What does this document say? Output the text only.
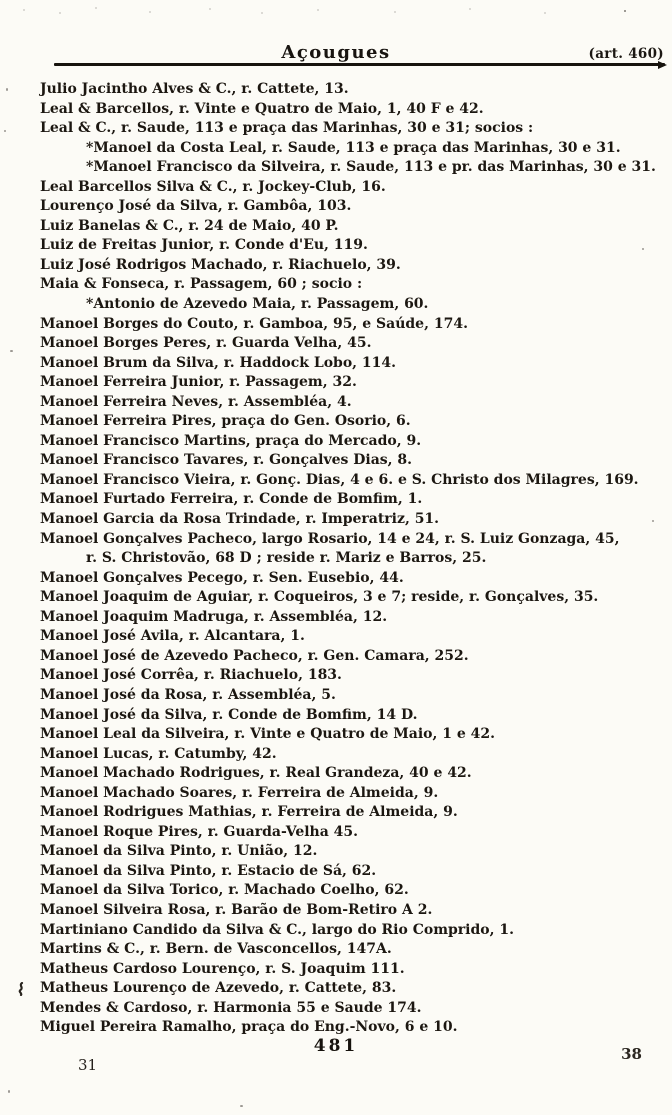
Açougues	(art. 460)
Julio Jacintho Alves & C., r. Cattete, 13.
Leal & Barcellos, r. Vinte e Quatro de Maio, 1, 40 F e 42.
Leal & C., r. Saude, 113 e praça das Marinhas, 30 e 31; socios :
*Manoel da Costa Leal, r. Saude, 113 e praça das Marinhas, 30 e 31.
*Manoel Francisco da Silveira, r. Saude, 113 e pr. das Marinhas, 30 e 31.
Leal Barcellos Silva & C., r. Jockey-Club, 16.
Lourenço José da Silva, r. Gambôa, 103.
Luiz Banelas & C., r. 24 de Maio, 40 P.
Luiz de Freitas Junior, r. Conde d'Eu, 119.
Luiz José Rodrigos Machado, r. Riachuelo, 39.
Maia & Fonseca, r. Passagem, 60 ; socio :
*Antonio de Azevedo Maia, r. Passagem, 60.
Manoel Borges do Couto, r. Gamboa, 95, e Saúde, 174.
Manoel Borges Peres, r. Guarda Velha, 45.
Manoel Brum da Silva, r. Haddock Lobo, 114.
Manoel Ferreira Junior, r. Passagem, 32.
Manoel Ferreira Neves, r. Assembléa, 4.
Manoel Ferreira Pires, praça do Gen. Osorio, 6.
Manoel Francisco Martins, praça do Mercado, 9.
Manoel Francisco Tavares, r. Gonçalves Dias, 8.
Manoel Francisco Vieira, r. Gonç. Dias, 4 e 6. e S. Christo dos Milagres, 169.
Manoel Furtado Ferreira, r. Conde de Bomfim, 1.
Manoel Garcia da Rosa Trindade, r. Imperatriz, 51.
Manoel Gonçalves Pacheco, largo Rosario, 14 e 24, r. S. Luiz Gonzaga, 45,
r. S. Christovão, 68 D ; reside r. Mariz e Barros, 25.
Manoel Gonçalves Pecego, r. Sen. Eusebio, 44.
Manoel Joaquim de Aguiar, r. Coqueiros, 3 e 7; reside, r. Gonçalves, 35.
Manoel Joaquim Madruga, r. Assembléa, 12.
Manoel José Avila, r. Alcantara, 1.
Manoel José de Azevedo Pacheco, r. Gen. Camara, 252.
Manoel José Corrêa, r. Riachuelo, 183.
Manoel José da Rosa, r. Assembléa, 5.
Manoel José da Silva, r. Conde de Bomfim, 14 D.
Manoel Leal da Silveira, r. Vinte e Quatro de Maio, 1 e 42.
Manoel Lucas, r. Catumby, 42.
Manoel Machado Rodrigues, r. Real Grandeza, 40 e 42.
Manoel Machado Soares, r. Ferreira de Almeida, 9.
Manoel Rodrigues Mathias, r. Ferreira de Almeida, 9.
Manoel Roque Pires, r. Guarda-Velha 45.
Manoel da Silva Pinto, r. União, 12.
Manoel da Silva Pinto, r. Estacio de Sá, 62.
Manoel da Silva Torico, r. Machado Coelho, 62.
Manoel Silveira Rosa, r. Barão de Bom-Retiro A 2.
Martiniano Candido da Silva & C., largo do Rio Comprido, 1.
Martins & C., r. Bern. de Vasconcellos, 147A.
Matheus Cardoso Lourenço, r. S. Joaquim 111.
Matheus Lourenço de Azevedo, r. Cattete, 83.
Mendes & Cardoso, r. Harmonia 55 e Saude 174.
Miguel Pereira Ramalho, praça do Eng.-Novo, 6 e 10.
481
31
38
